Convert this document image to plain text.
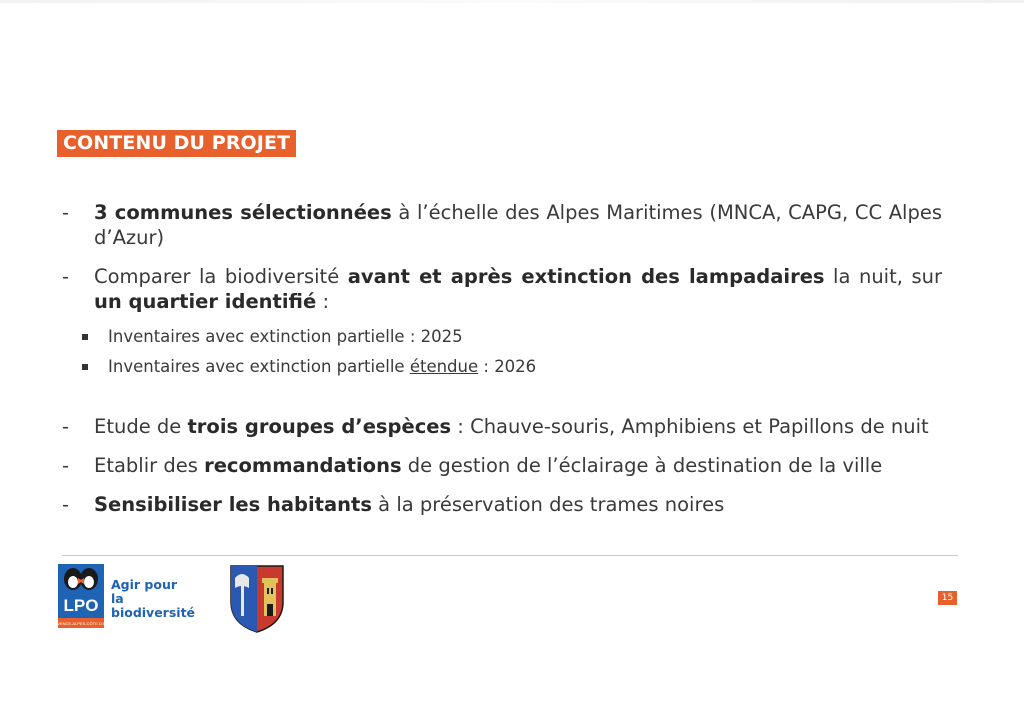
CONTENU DU PROJET
-	3 communes sélectionnées à l’échelle des Alpes Maritimes (MNCA, CAPG, CC Alpes d’Azur)
-	Comparer la biodiversité avant et après extinction des lampadaires la nuit, sur un quartier identifié :
Inventaires avec extinction partielle : 2025
Inventaires avec extinction partielle étendue : 2026
-	Etude de trois groupes d’espèces : Chauve-souris, Amphibiens et Papillons de nuit
-	Etablir des recommandations de gestion de l’éclairage à destination de la ville
-	Sensibiliser les habitants à la préservation des trames noires
LPO
PROVENCE-ALPES-CÔTE D'AZUR
Agir pour
la biodiversité
15
